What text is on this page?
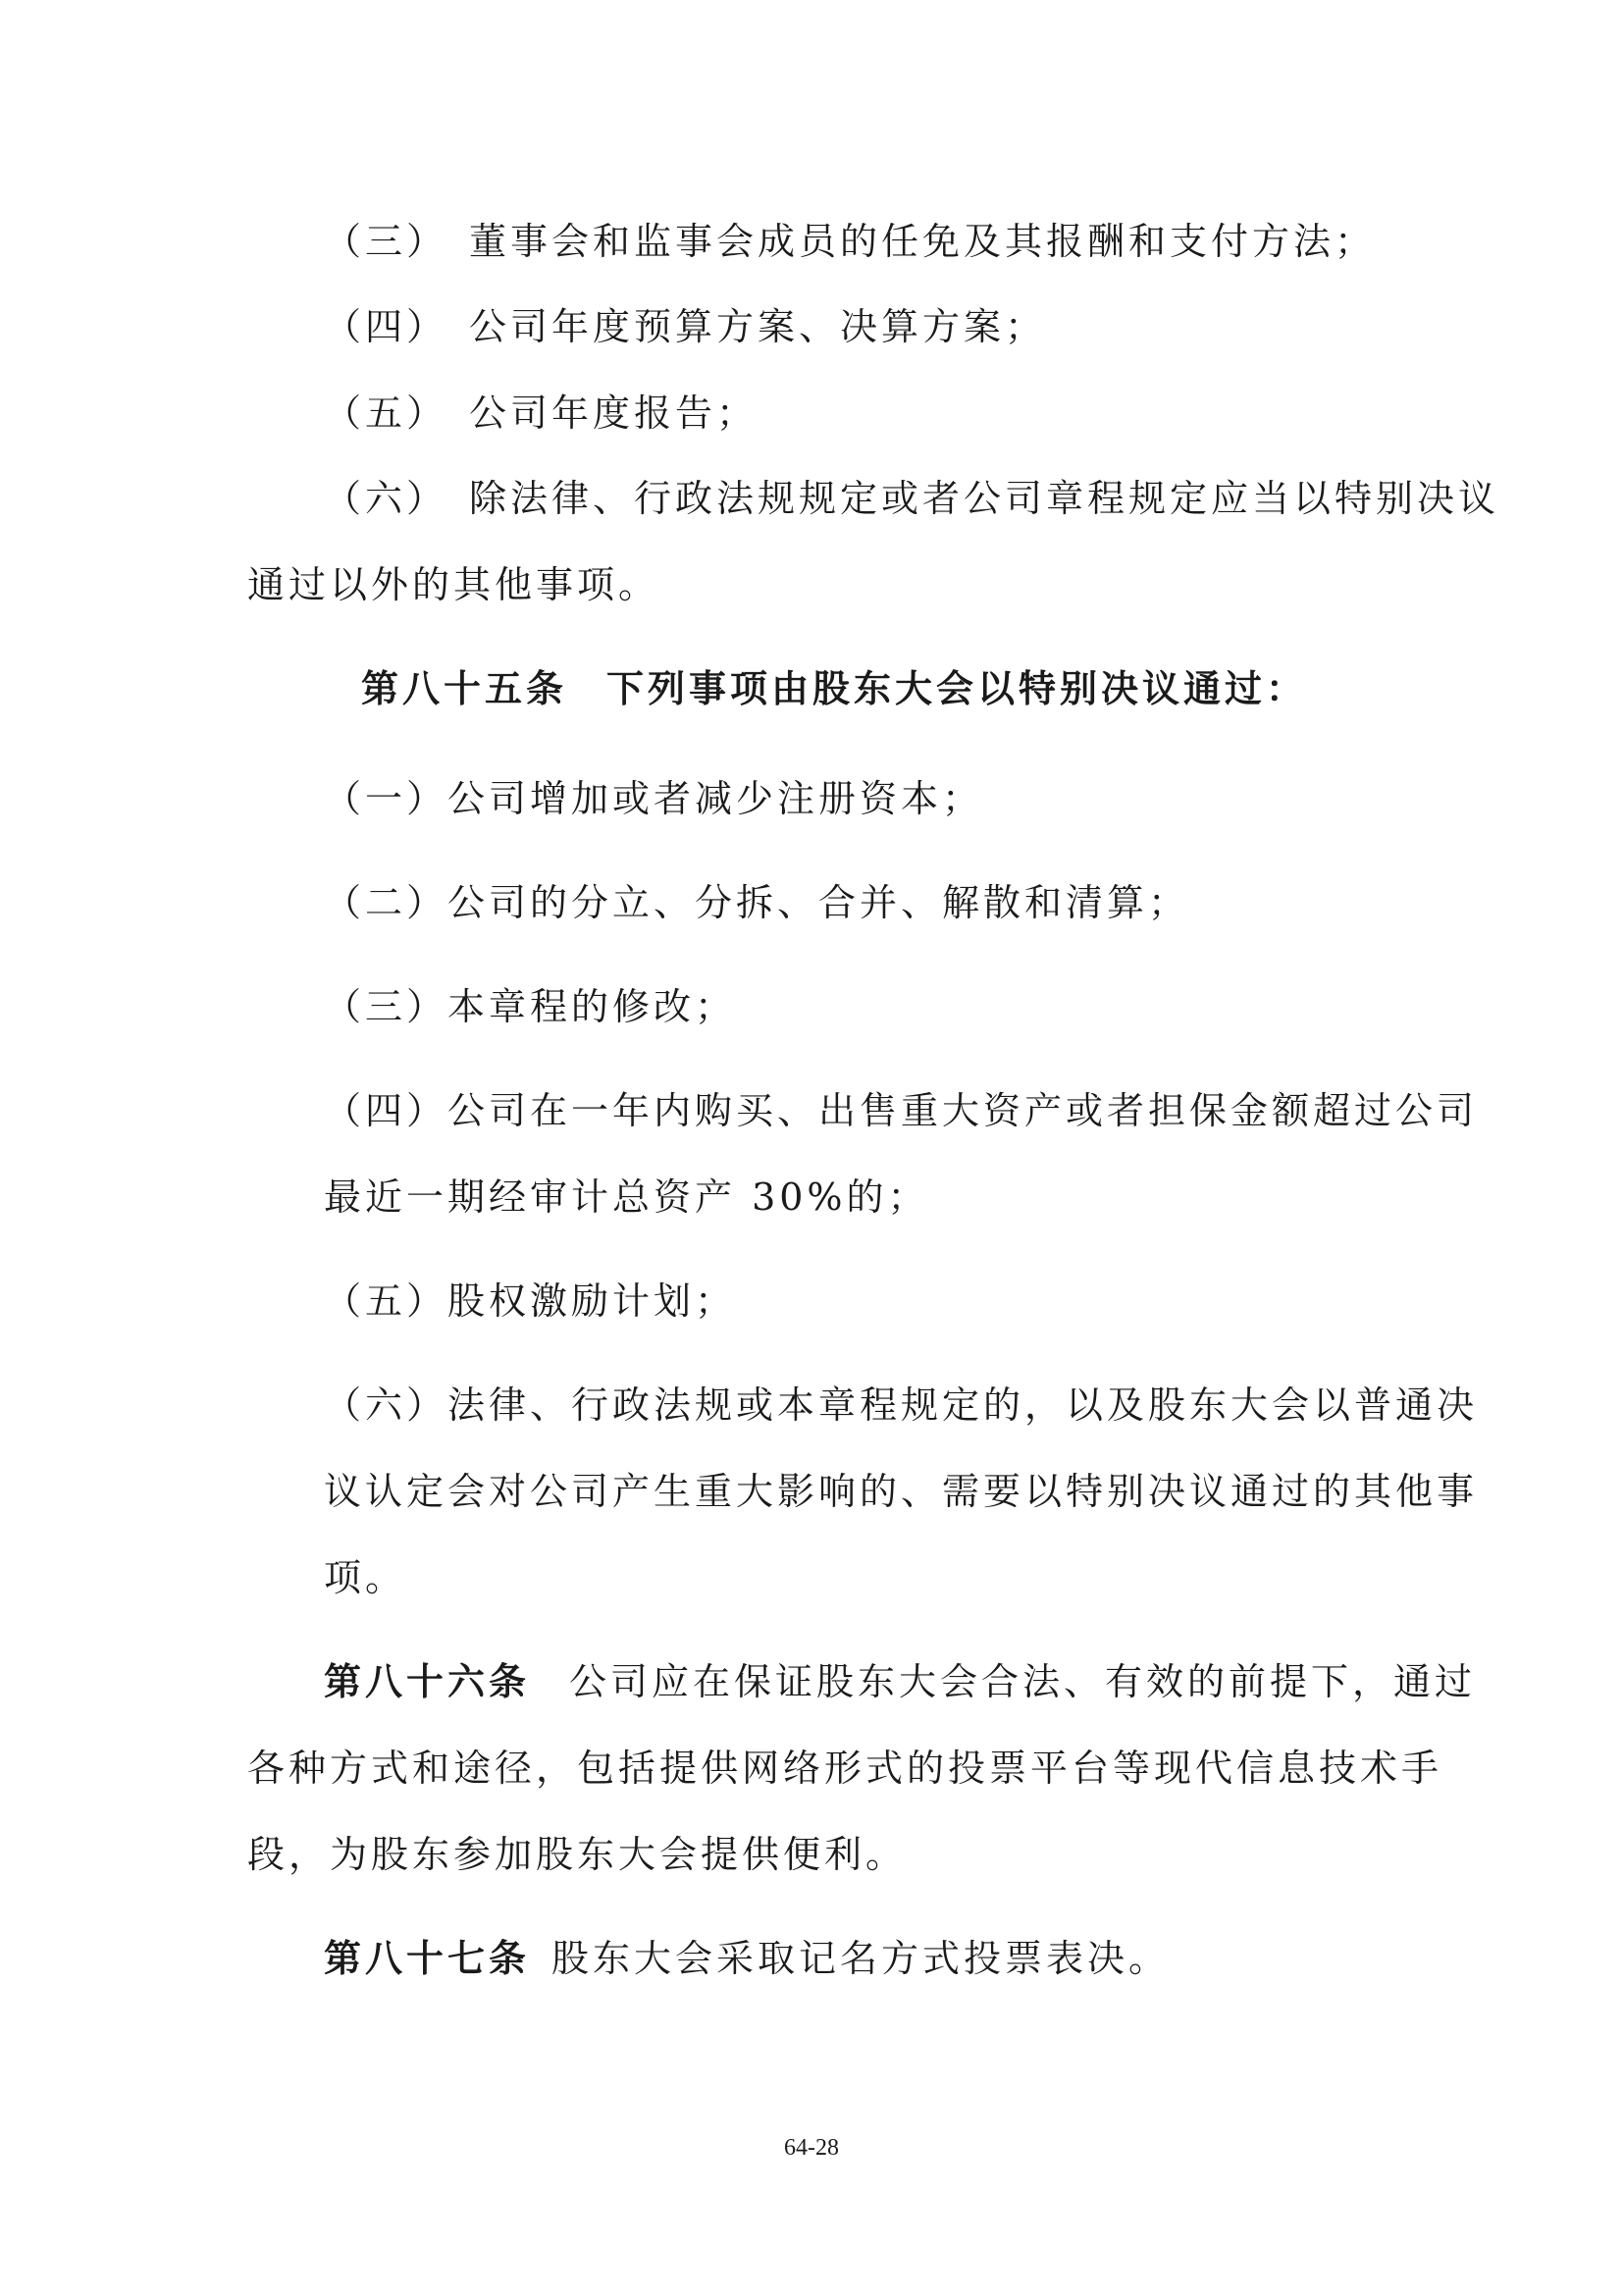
（三） 董事会和监事会成员的任免及其报酬和支付方法；
（四） 公司年度预算方案、决算方案；
（五） 公司年度报告；
（六） 除法律、行政法规规定或者公司章程规定应当以特别决议
通过以外的其他事项。
第八十五条 下列事项由股东大会以特别决议通过：
（一）公司增加或者减少注册资本；
（二）公司的分立、分拆、合并、解散和清算；
（三）本章程的修改；
（四）公司在一年内购买、出售重大资产或者担保金额超过公司
最近一期经审计总资产 30%的；
（五）股权激励计划；
（六）法律、行政法规或本章程规定的，以及股东大会以普通决
议认定会对公司产生重大影响的、需要以特别决议通过的其他事
项。
第八十六条 公司应在保证股东大会合法、有效的前提下，通过
各种方式和途径，包括提供网络形式的投票平台等现代信息技术手
段，为股东参加股东大会提供便利。
第八十七条 股东大会采取记名方式投票表决。
64-28
